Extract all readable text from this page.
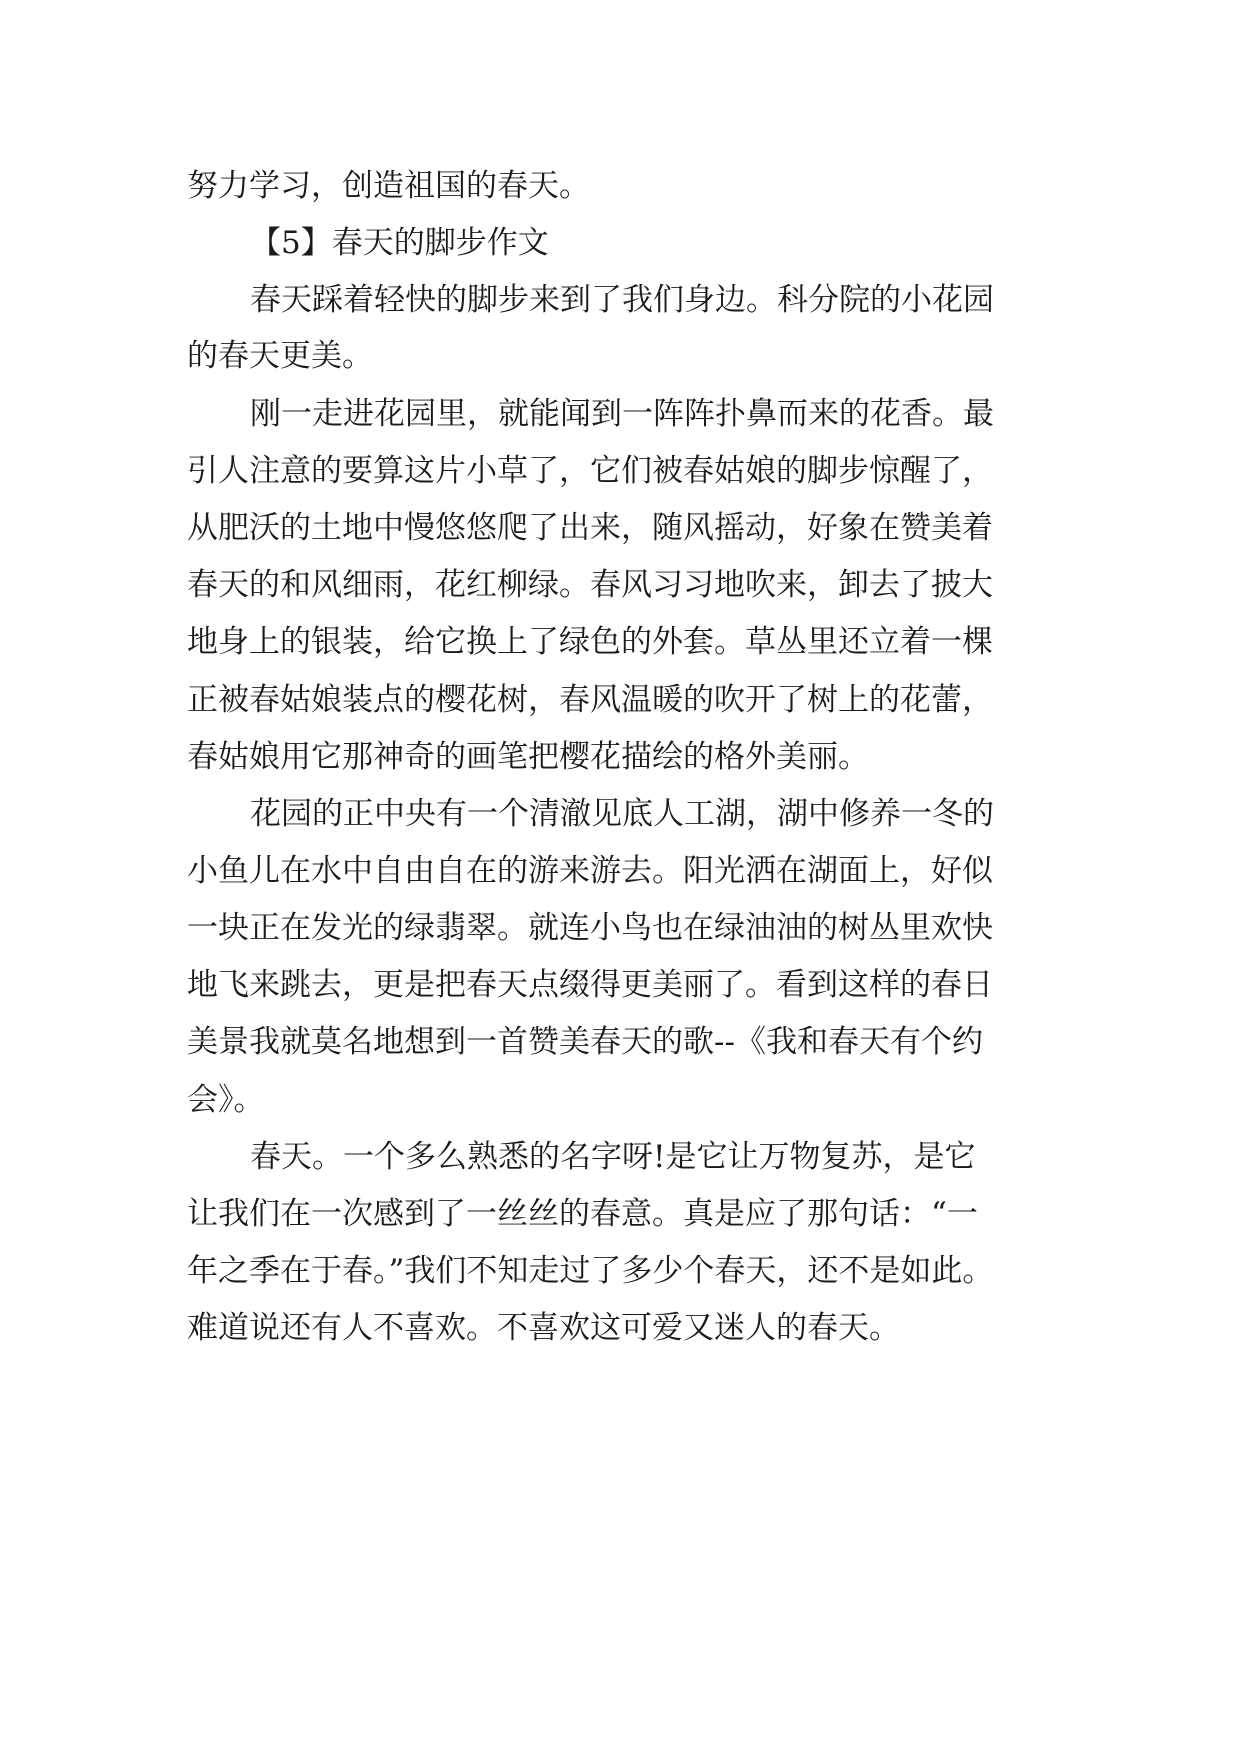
努力学习，创造祖国的春天。
【5】春天的脚步作文
春天踩着轻快的脚步来到了我们身边。科分院的小花园
的春天更美。
刚一走进花园里，就能闻到一阵阵扑鼻而来的花香。最
引人注意的要算这片小草了，它们被春姑娘的脚步惊醒了，
从肥沃的土地中慢悠悠爬了出来，随风摇动，好象在赞美着
春天的和风细雨，花红柳绿。春风习习地吹来，卸去了披大
地身上的银装，给它换上了绿色的外套。草丛里还立着一棵
正被春姑娘装点的樱花树，春风温暖的吹开了树上的花蕾，
春姑娘用它那神奇的画笔把樱花描绘的格外美丽。
花园的正中央有一个清澈见底人工湖，湖中修养一冬的
小鱼儿在水中自由自在的游来游去。阳光洒在湖面上，好似
一块正在发光的绿翡翠。就连小鸟也在绿油油的树丛里欢快
地飞来跳去，更是把春天点缀得更美丽了。看到这样的春日
美景我就莫名地想到一首赞美春天的歌--《我和春天有个约
会》。
春天。一个多么熟悉的名字呀!是它让万物复苏，是它
让我们在一次感到了一丝丝的春意。真是应了那句话：“一
年之季在于春。”我们不知走过了多少个春天，还不是如此。
难道说还有人不喜欢。不喜欢这可爱又迷人的春天。
